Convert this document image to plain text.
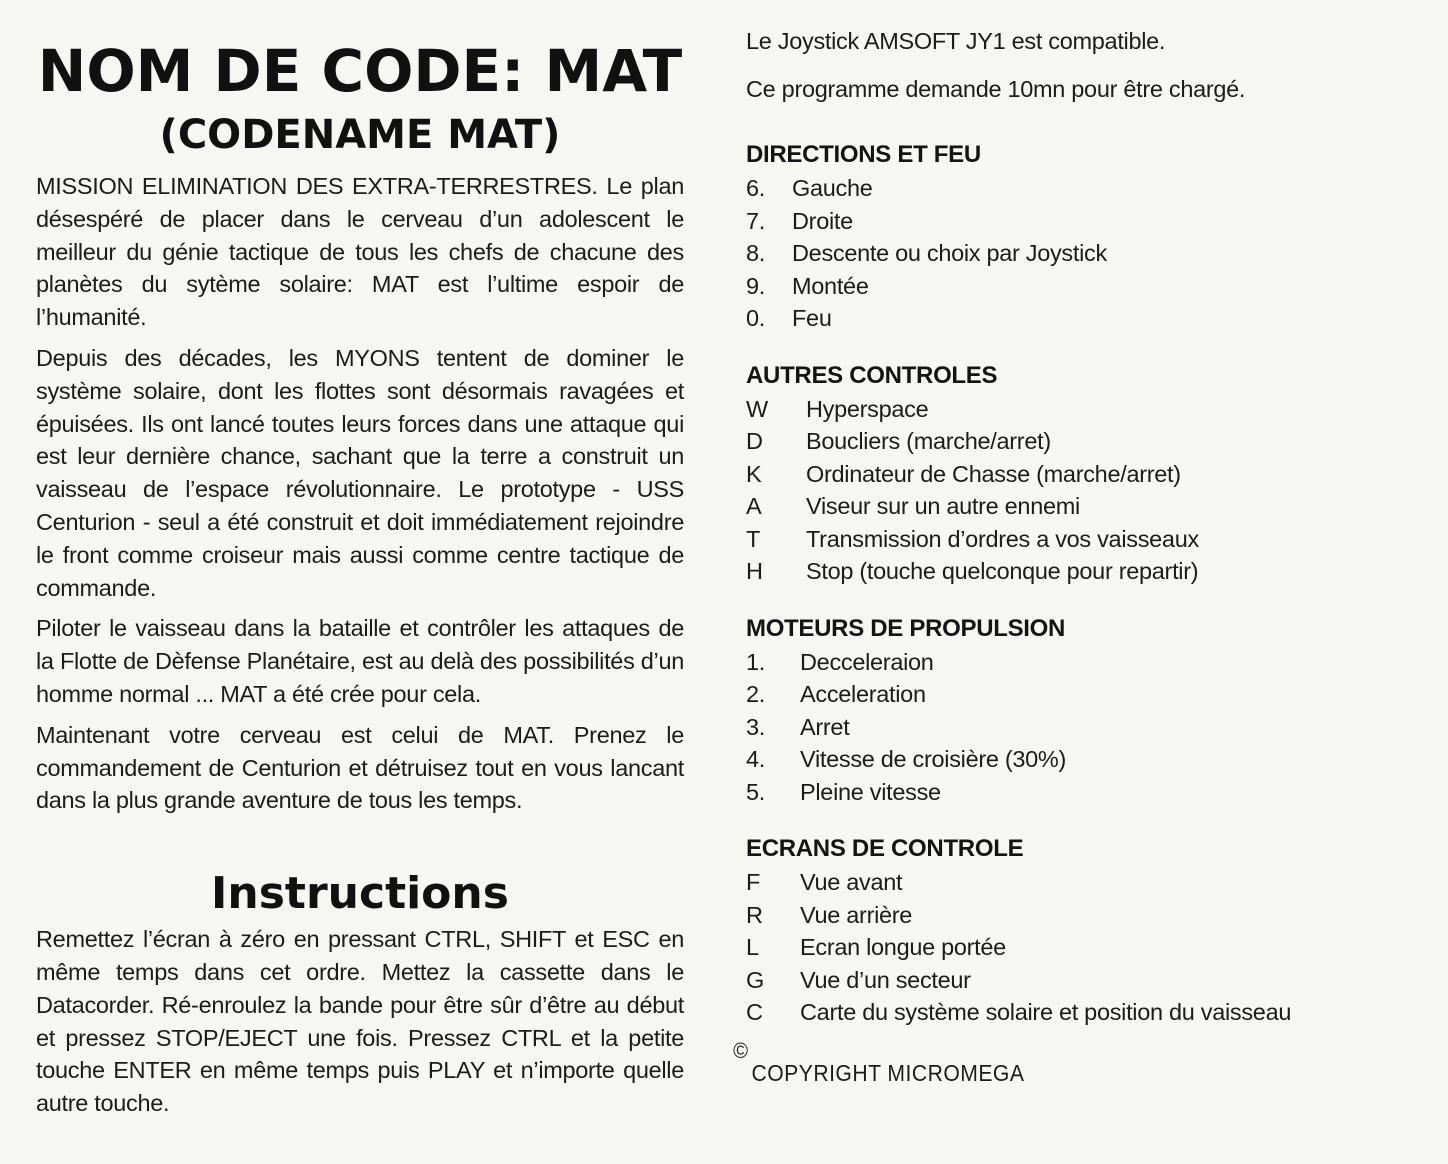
NOM DE CODE: MAT
(CODENAME MAT)

MISSION ELIMINATION DES EXTRA-TERRESTRES. Le plan désespéré de placer dans le cerveau d’un adolescent le meilleur du génie tactique de tous les chefs de chacune des planètes du sytème solaire: MAT est l’ultime espoir de l’humanité.

Depuis des décades, les MYONS tentent de dominer le système solaire, dont les flottes sont désormais ravagées et épuisées. Ils ont lancé toutes leurs forces dans une attaque qui est leur dernière chance, sachant que la terre a construit un vaisseau de l’espace révolutionnaire. Le prototype - USS Centurion - seul a été construit et doit immédiatement rejoindre le front comme croiseur mais aussi comme centre tactique de commande.

Piloter le vaisseau dans la bataille et contrôler les attaques de la Flotte de Dèfense Planétaire, est au delà des possibilités d’un homme normal ... MAT a été crée pour cela.

Maintenant votre cerveau est celui de MAT. Prenez le commandement de Centurion et détruisez tout en vous lancant dans la plus grande aventure de tous les temps.

Instructions

Remettez l’écran à zéro en pressant CTRL, SHIFT et ESC en même temps dans cet ordre. Mettez la cassette dans le Datacorder. Ré-enroulez la bande pour être sûr d’être au début et pressez STOP/EJECT une fois. Pressez CTRL et la petite touche ENTER en même temps puis PLAY et n’importe quelle autre touche.

Le Joystick AMSOFT JY1 est compatible.

Ce programme demande 10mn pour être chargé.

DIRECTIONS ET FEU
6.	Gauche
7.	Droite
8.	Descente ou choix par Joystick
9.	Montée
0.	Feu
AUTRES CONTROLES
W	Hyperspace
D	Boucliers (marche/arret)
K	Ordinateur de Chasse (marche/arret)
A	Viseur sur un autre ennemi
T	Transmission d’ordres a vos vaisseaux
H	Stop (touche quelconque pour repartir)
MOTEURS DE PROPULSION
1.	Decceleraion
2.	Acceleration
3.	Arret
4.	Vitesse de croisière (30%)
5.	Pleine vitesse
ECRANS DE CONTROLE
F	Vue avant
R	Vue arrière
L	Ecran longue portée
G	Vue d’un secteur
C	Carte du système solaire et position du vaisseau
©
COPYRIGHT MICROMEGA
